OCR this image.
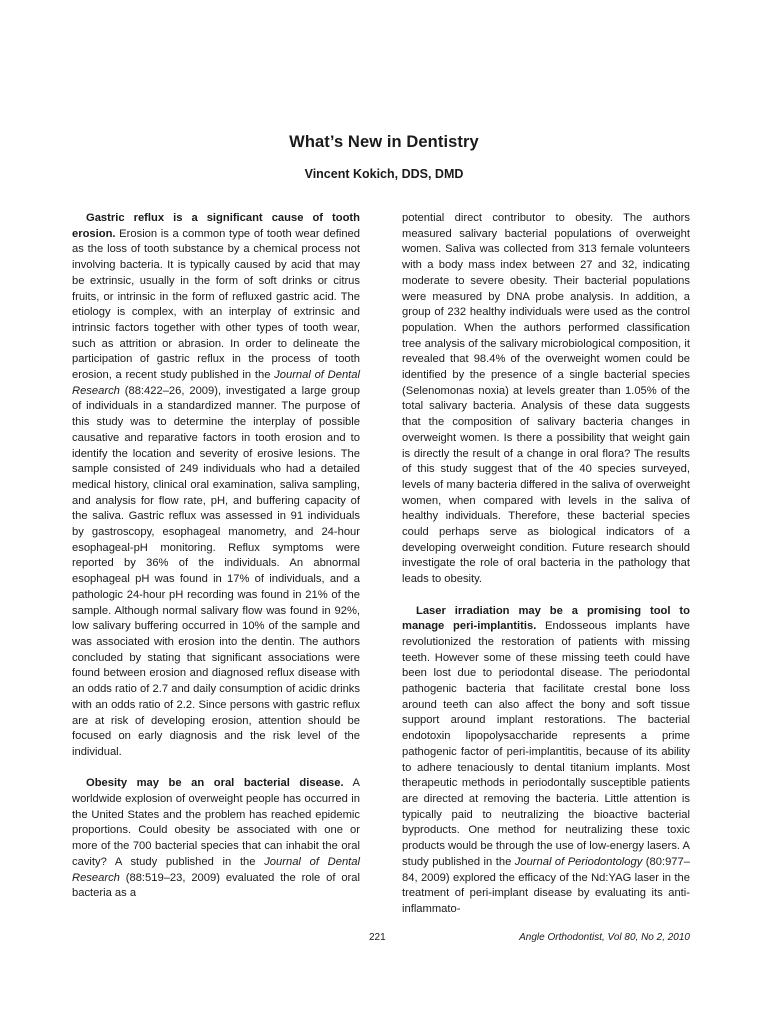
What’s New in Dentistry
Vincent Kokich, DDS, DMD

Gastric reflux is a significant cause of tooth erosion. Erosion is a common type of tooth wear defined as the loss of tooth substance by a chemical process not involving bacteria. It is typically caused by acid that may be extrinsic, usually in the form of soft drinks or citrus fruits, or intrinsic in the form of refluxed gastric acid. The etiology is complex, with an interplay of extrinsic and intrinsic factors together with other types of tooth wear, such as attrition or abrasion. In order to delineate the participation of gastric reflux in the process of tooth erosion, a recent study published in the Journal of Dental Research (88:422–26, 2009), investigated a large group of individuals in a standardized manner. The purpose of this study was to determine the interplay of possible causative and reparative factors in tooth erosion and to identify the location and severity of erosive lesions. The sample consisted of 249 individuals who had a detailed medical history, clinical oral examination, saliva sampling, and analysis for flow rate, pH, and buffering capacity of the saliva. Gastric reflux was assessed in 91 individuals by gastroscopy, esophageal manometry, and 24-hour esophageal-pH monitoring. Reflux symptoms were reported by 36% of the individuals. An abnormal esophageal pH was found in 17% of individuals, and a pathologic 24-hour pH recording was found in 21% of the sample. Although normal salivary flow was found in 92%, low salivary buffering occurred in 10% of the sample and was associated with erosion into the dentin. The authors concluded by stating that significant associations were found between erosion and diagnosed reflux disease with an odds ratio of 2.7 and daily consumption of acidic drinks with an odds ratio of 2.2. Since persons with gastric reflux are at risk of developing erosion, attention should be focused on early diagnosis and the risk level of the individual.

Obesity may be an oral bacterial disease. A worldwide explosion of overweight people has occurred in the United States and the problem has reached epidemic proportions. Could obesity be associated with one or more of the 700 bacterial species that can inhabit the oral cavity? A study published in the Journal of Dental Research (88:519–23, 2009) evaluated the role of oral bacteria as a

potential direct contributor to obesity. The authors measured salivary bacterial populations of overweight women. Saliva was collected from 313 female volunteers with a body mass index between 27 and 32, indicating moderate to severe obesity. Their bacterial populations were measured by DNA probe analysis. In addition, a group of 232 healthy individuals were used as the control population. When the authors performed classification tree analysis of the salivary microbiological composition, it revealed that 98.4% of the overweight women could be identified by the presence of a single bacterial species (Selenomonas noxia) at levels greater than 1.05% of the total salivary bacteria. Analysis of these data suggests that the composition of salivary bacteria changes in overweight women. Is there a possibility that weight gain is directly the result of a change in oral flora? The results of this study suggest that of the 40 species surveyed, levels of many bacteria differed in the saliva of overweight women, when compared with levels in the saliva of healthy individuals. Therefore, these bacterial species could perhaps serve as biological indicators of a developing overweight condition. Future research should investigate the role of oral bacteria in the pathology that leads to obesity.

Laser irradiation may be a promising tool to manage peri-implantitis. Endosseous implants have revolutionized the restoration of patients with missing teeth. However some of these missing teeth could have been lost due to periodontal disease. The periodontal pathogenic bacteria that facilitate crestal bone loss around teeth can also affect the bony and soft tissue support around implant restorations. The bacterial endotoxin lipopolysaccharide represents a prime pathogenic factor of peri-implantitis, because of its ability to adhere tenaciously to dental titanium implants. Most therapeutic methods in periodontally susceptible patients are directed at removing the bacteria. Little attention is typically paid to neutralizing the bioactive bacterial byproducts. One method for neutralizing these toxic products would be through the use of low-energy lasers. A study published in the Journal of Periodontology (80:977–84, 2009) explored the efficacy of the Nd:YAG laser in the treatment of peri-implant disease by evaluating its anti-inflammato-

221	Angle Orthodontist, Vol 80, No 2, 2010
